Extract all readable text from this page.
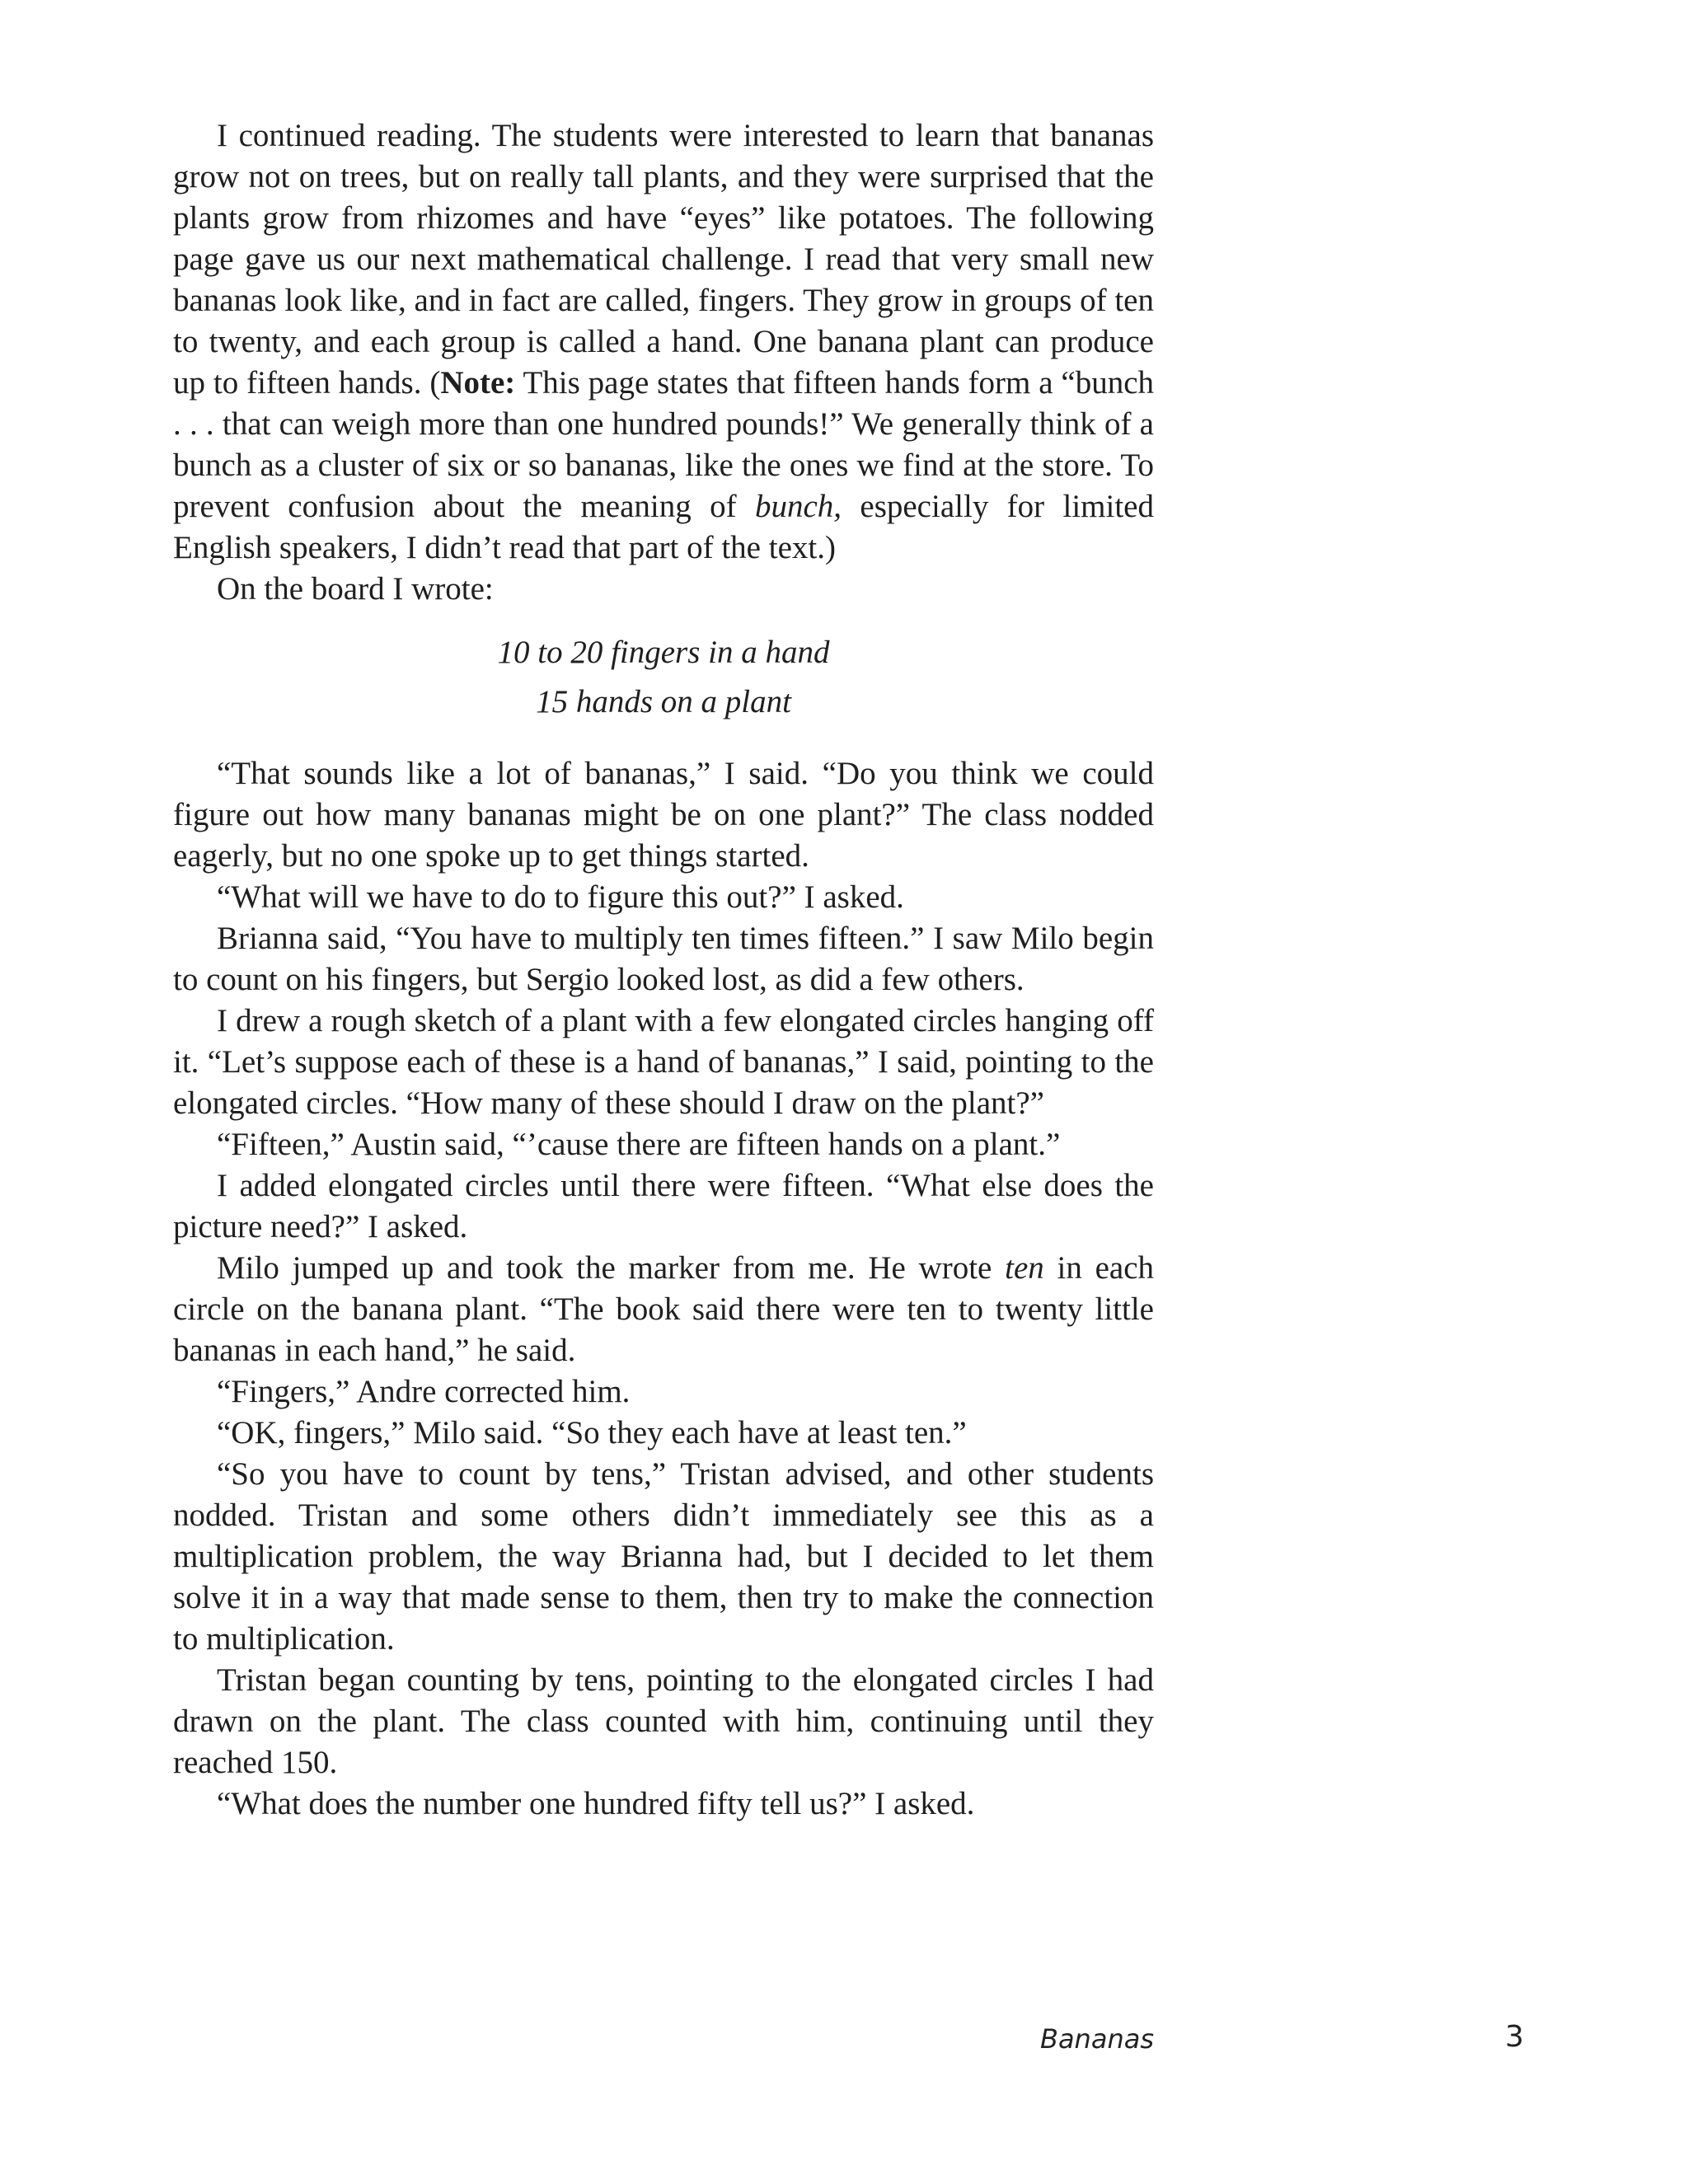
I continued reading. The students were interested to learn that bananas grow not on trees, but on really tall plants, and they were surprised that the plants grow from rhizomes and have “eyes” like potatoes. The following page gave us our next mathematical challenge. I read that very small new bananas look like, and in fact are called, fingers. They grow in groups of ten to twenty, and each group is called a hand. One banana plant can produce up to fifteen hands. (Note: This page states that fifteen hands form a “bunch . . . that can weigh more than one hundred pounds!” We generally think of a bunch as a cluster of six or so bananas, like the ones we find at the store. To prevent confusion about the meaning of bunch, especially for limited English speakers, I didn’t read that part of the text.)

On the board I wrote:

10 to 20 fingers in a hand
15 hands on a plant

“That sounds like a lot of bananas,” I said. “Do you think we could figure out how many bananas might be on one plant?” The class nodded eagerly, but no one spoke up to get things started.

“What will we have to do to figure this out?” I asked.

Brianna said, “You have to multiply ten times fifteen.” I saw Milo begin to count on his fingers, but Sergio looked lost, as did a few others.

I drew a rough sketch of a plant with a few elongated circles hanging off it. “Let’s suppose each of these is a hand of bananas,” I said, pointing to the elongated circles. “How many of these should I draw on the plant?”

“Fifteen,” Austin said, “’cause there are fifteen hands on a plant.”

I added elongated circles until there were fifteen. “What else does the picture need?” I asked.

Milo jumped up and took the marker from me. He wrote ten in each circle on the banana plant. “The book said there were ten to twenty little bananas in each hand,” he said.

“Fingers,” Andre corrected him.

“OK, fingers,” Milo said. “So they each have at least ten.”

“So you have to count by tens,” Tristan advised, and other students nodded. Tristan and some others didn’t immediately see this as a multiplication problem, the way Brianna had, but I decided to let them solve it in a way that made sense to them, then try to make the connection to multiplication.

Tristan began counting by tens, pointing to the elongated circles I had drawn on the plant. The class counted with him, continuing until they reached 150.

“What does the number one hundred fifty tell us?” I asked.

Bananas	3
